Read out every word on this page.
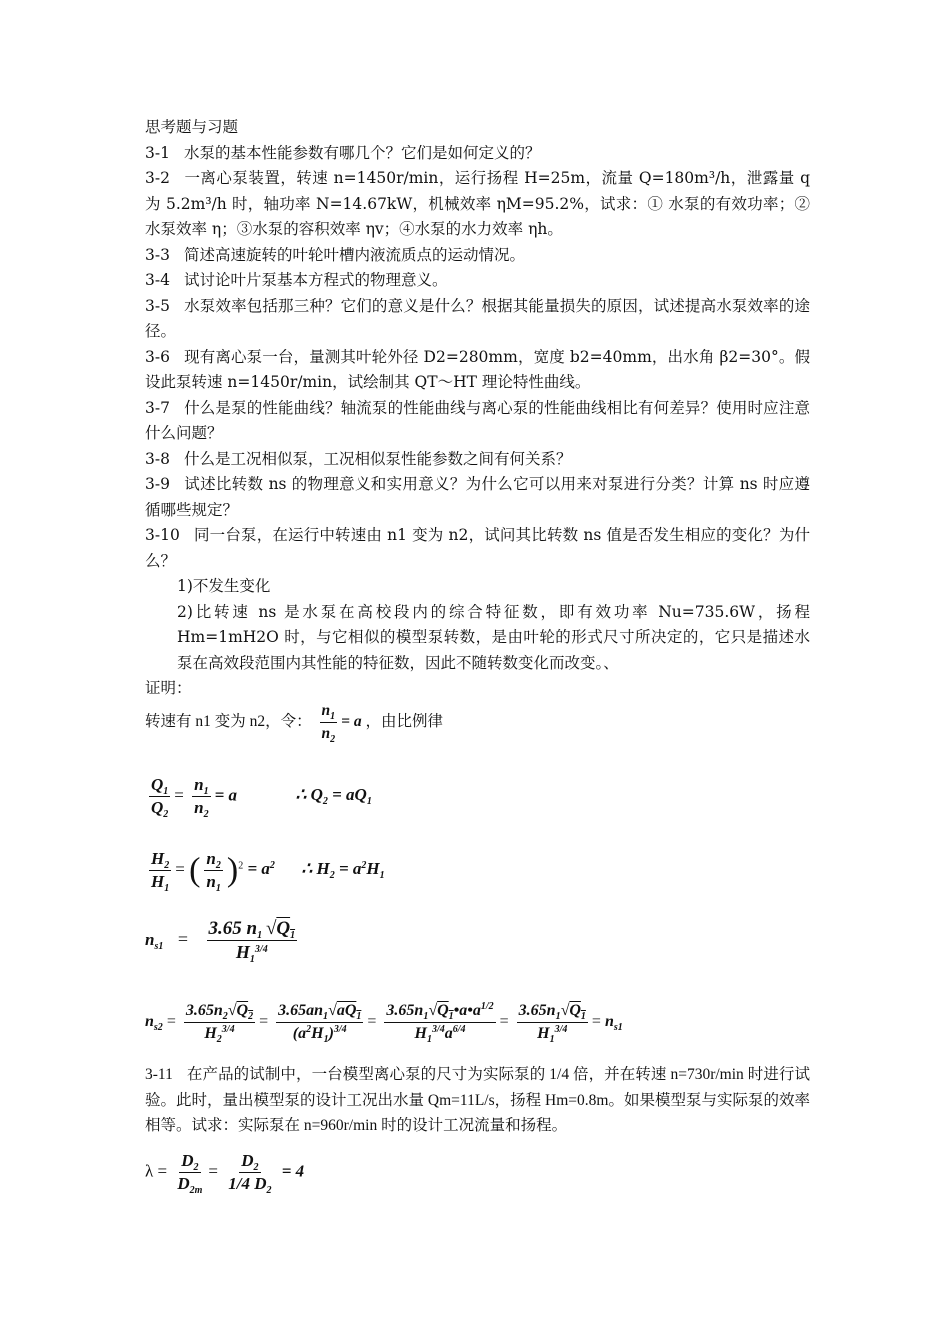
思考题与习题

3-1 水泵的基本性能参数有哪几个？它们是如何定义的？

3-2 一离心泵装置，转速 n=1450r/min，运行扬程 H=25m，流量 Q=180m³/h，泄露量 q 为 5.2m³/h 时，轴功率 N=14.67kW，机械效率 ηM=95.2%，试求：① 水泵的有效功率；②水泵效率 η；③水泵的容积效率 ηv；④水泵的水力效率 ηh。

3-3 简述高速旋转的叶轮叶槽内液流质点的运动情况。

3-4 试讨论叶片泵基本方程式的物理意义。

3-5 水泵效率包括那三种？它们的意义是什么？根据其能量损失的原因，试述提高水泵效率的途径。

3-6 现有离心泵一台，量测其叶轮外径 D2=280mm，宽度 b2=40mm，出水角 β2=30°。假设此泵转速 n=1450r/min，试绘制其 QT～HT 理论特性曲线。

3-7 什么是泵的性能曲线？轴流泵的性能曲线与离心泵的性能曲线相比有何差异？使用时应注意什么问题？

3-8 什么是工况相似泵，工况相似泵性能参数之间有何关系？

3-9 试述比转数 ns 的物理意义和实用意义？为什么它可以用来对泵进行分类？计算 ns 时应遵循哪些规定？

3-10 同一台泵，在运行中转速由 n1 变为 n2，试问其比转数 ns 值是否发生相应的变化？为什么？

1)不发生变化

2)比转速 ns 是水泵在高校段内的综合特征数，即有效功率 Nu=735.6W，扬程 Hm=1mH2O 时，与它相似的模型泵转数，是由叶轮的形式尺寸所决定的，它只是描述水泵在高效段范围内其性能的特征数，因此不随转数变化而改变。、

证明：

转速有 n1 变为 n2，令： $\frac{n_1}{n_2} = a$ ，由比例律
$\frac{Q_1}{Q_2} = \frac{n_1}{n_2} = a$	∴ $Q_2 = aQ_1$
$\frac{H_2}{H_1}$ = ( $\frac{n_2}{n_1} )^2 = a^2$ ∴ $H_2 = a^2H_1$
$n_{s1} = \frac{3.65 n_1 √Q_1}{H_1^{3/4}}$
$n_{s2} = \frac{3.65n_2√Q_2}{H_2^{3/4}} = \frac{3.65an_1√aQ_1}{(a^2H_1)^{3/4}} = \frac{3.65n_1√Q_1•a•a^{1/2}}{H_1^{3/4}a^{6/4}} = \frac{3.65n_1√Q_1}{H_1^{3/4}} = n_{s1}$

3-11 在产品的试制中，一台模型离心泵的尺寸为实际泵的 1/4 倍，并在转速 n=730r/min 时进行试验。此时，量出模型泵的设计工况出水量 Qm=11L/s，扬程 Hm=0.8m。如果模型泵与实际泵的效率相等。试求：实际泵在 n=960r/min 时的设计工况流量和扬程。

$\lambda = \frac{D_2}{D_{2m}} = \frac{D_2}{1/4 D_2} = 4$
